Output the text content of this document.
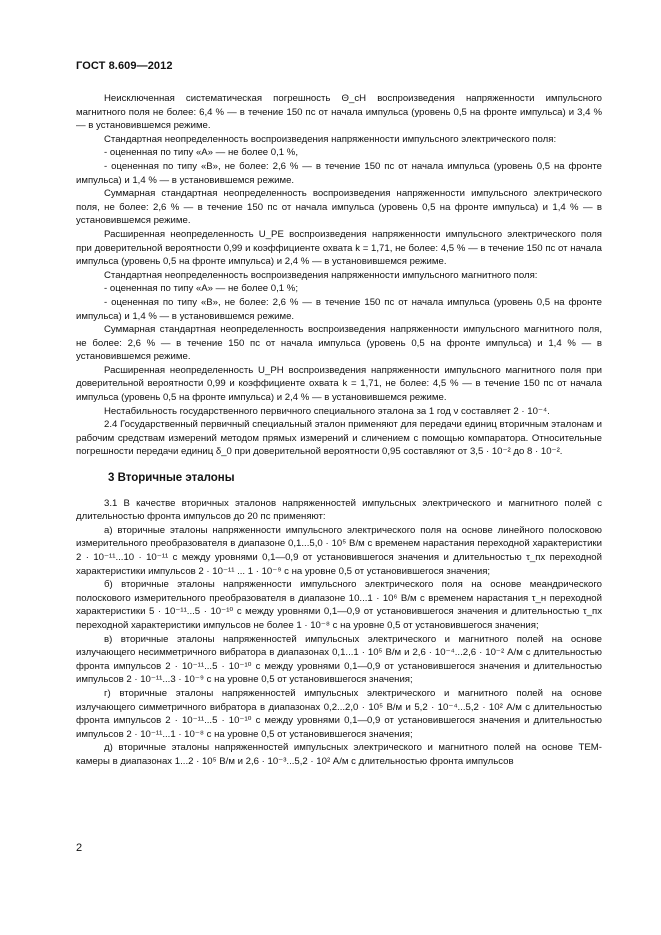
ГОСТ 8.609—2012

Неисключенная систематическая погрешность Θ_cH воспроизведения напряженности импульсного магнитного поля не более: 6,4 % — в течение 150 пс от начала импульса (уровень 0,5 на фронте импульса) и 3,4 % — в установившемся режиме.

Стандартная неопределенность воспроизведения напряженности импульсного электрического поля:

- оцененная по типу «А» — не более 0,1 %,

- оцененная по типу «В», не более: 2,6 % — в течение 150 пс от начала импульса (уровень 0,5 на фронте импульса) и 1,4 % — в установившемся режиме.

Суммарная стандартная неопределенность воспроизведения напряженности импульсного электрического поля, не более: 2,6 % — в течение 150 пс от начала импульса (уровень 0,5 на фронте импульса) и 1,4 % — в установившемся режиме.

Расширенная неопределенность U_PE воспроизведения напряженности импульсного электрического поля при доверительной вероятности 0,99 и коэффициенте охвата k = 1,71, не более: 4,5 % — в течение 150 пс от начала импульса (уровень 0,5 на фронте импульса) и 2,4 % — в установившемся режиме.

Стандартная неопределенность воспроизведения напряженности импульсного магнитного поля:

- оцененная по типу «А» — не более 0,1 %;

- оцененная по типу «В», не более: 2,6 % — в течение 150 пс от начала импульса (уровень 0,5 на фронте импульса) и 1,4 % — в установившемся режиме.

Суммарная стандартная неопределенность воспроизведения напряженности импульсного магнитного поля, не более: 2,6 % — в течение 150 пс от начала импульса (уровень 0,5 на фронте импульса) и 1,4 % — в установившемся режиме.

Расширенная неопределенность U_PH воспроизведения напряженности импульсного магнитного поля при доверительной вероятности 0,99 и коэффициенте охвата k = 1,71, не более: 4,5 % — в течение 150 пс от начала импульса (уровень 0,5 на фронте импульса) и 2,4 % — в установившемся режиме.

Нестабильность государственного первичного специального эталона за 1 год ν составляет 2 · 10⁻⁴.

2.4 Государственный первичный специальный эталон применяют для передачи единиц вторичным эталонам и рабочим средствам измерений методом прямых измерений и сличением с помощью компаратора. Относительные погрешности передачи единиц δ_0 при доверительной вероятности 0,95 составляют от 3,5 · 10⁻² до 8 · 10⁻².

3 Вторичные эталоны

3.1 В качестве вторичных эталонов напряженностей импульсных электрического и магнитного полей с длительностью фронта импульсов до 20 пс применяют:

а) вторичные эталоны напряженности импульсного электрического поля на основе линейного полосковою измерительного преобразователя в диапазоне 0,1...5,0 · 10⁵ В/м с временем нарастания переходной характеристики 2 · 10⁻¹¹...10 · 10⁻¹¹ с между уровнями 0,1—0,9 от установившегося значения и длительностью τ_пх переходной характеристики импульсов 2 · 10⁻¹¹ ... 1 · 10⁻⁹ с на уровне 0,5 от установившегося значения;

б) вторичные эталоны напряженности импульсного электрического поля на основе меандрического полоскового измерительного преобразователя в диапазоне 10...1 · 10⁶ В/м с временем нарастания τ_н переходной характеристики 5 · 10⁻¹¹...5 · 10⁻¹⁰ с между уровнями 0,1—0,9 от установившегося значения и длительностью τ_пх переходной характеристики импульсов не более 1 · 10⁻⁸ с на уровне 0,5 от установившегося значения;

в) вторичные эталоны напряженностей импульсных электрического и магнитного полей на основе излучающего несимметричного вибратора в диапазонах 0,1...1 · 10⁵ В/м и 2,6 · 10⁻⁴...2,6 · 10⁻² А/м с длительностью фронта импульсов 2 · 10⁻¹¹...5 · 10⁻¹⁰ с между уровнями 0,1—0,9 от установившегося значения и длительностью импульсов 2 · 10⁻¹¹...3 · 10⁻⁹ с на уровне 0,5 от установившегося значения;

г) вторичные эталоны напряженностей импульсных электрического и магнитного полей на основе излучающего симметричного вибратора в диапазонах 0,2...2,0 · 10⁵ В/м и 5,2 · 10⁻⁴...5,2 · 10² А/м с длительностью фронта импульсов 2 · 10⁻¹¹...5 · 10⁻¹⁰ с между уровнями 0,1—0,9 от установившегося значения и длительностью импульсов 2 · 10⁻¹¹...1 · 10⁻⁸ с на уровне 0,5 от установившегося значения;

д) вторичные эталоны напряженностей импульсных электрического и магнитного полей на основе ТЕМ-камеры в диапазонах 1...2 · 10⁵ В/м и 2,6 · 10⁻³...5,2 · 10² А/м с длительностью фронта импульсов

2
